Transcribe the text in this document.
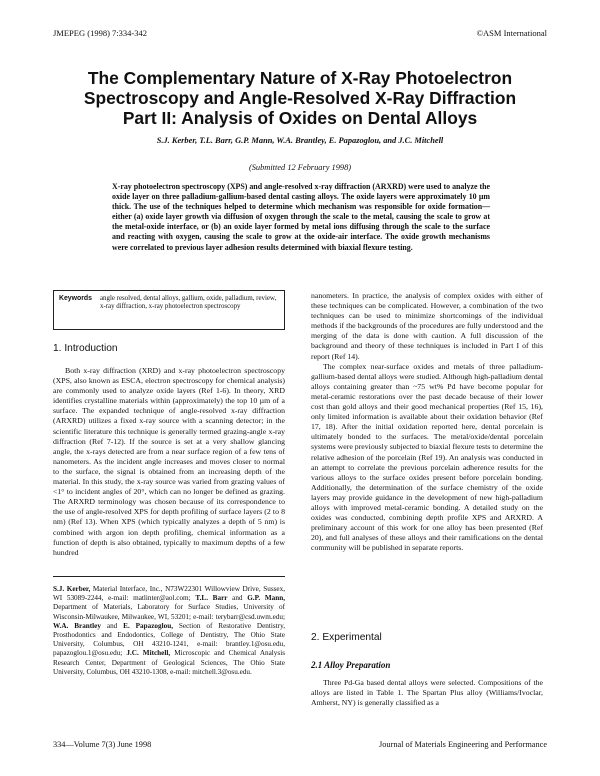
JMEPEG (1998) 7:334-342	©ASM International
The Complementary Nature of X-Ray Photoelectron
Spectroscopy and Angle-Resolved X-Ray Diffraction
Part II: Analysis of Oxides on Dental Alloys
S.J. Kerber, T.L. Barr, G.P. Mann, W.A. Brantley, E. Papazoglou, and J.C. Mitchell
(Submitted 12 February 1998)
X-ray photoelectron spectroscopy (XPS) and angle-resolved x-ray diffraction (ARXRD) were used to analyze the oxide layer on three palladium-gallium-based dental casting alloys. The oxide layers were approximately 10 µm thick. The use of the techniques helped to determine which mechanism was responsible for oxide formation—either (a) oxide layer growth via diffusion of oxygen through the scale to the metal, causing the scale to grow at the metal-oxide interface, or (b) an oxide layer formed by metal ions diffusing through the scale to the surface and reacting with oxygen, causing the scale to grow at the oxide-air interface. The oxide growth mechanisms were correlated to previous layer adhesion results determined with biaxial flexure testing.
Keywords angle resolved, dental alloys, gallium, oxide, palladium, review, x-ray diffraction, x-ray photoelectron spectroscopy
1. Introduction

Both x-ray diffraction (XRD) and x-ray photoelectron spectroscopy (XPS, also known as ESCA, electron spectroscopy for chemical analysis) are commonly used to analyze oxide layers (Ref 1-6). In theory, XRD identifies crystalline materials within (approximately) the top 10 µm of a surface. The expanded technique of angle-resolved x-ray diffraction (ARXRD) utilizes a fixed x-ray source with a scanning detector; in the scientific literature this technique is generally termed grazing-angle x-ray diffraction (Ref 7-12). If the source is set at a very shallow glancing angle, the x-rays detected are from a near surface region of a few tens of nanometers. As the incident angle increases and moves closer to normal to the surface, the signal is obtained from an increasing depth of the material. In this study, the x-ray source was varied from grazing values of <1° to incident angles of 20°, which can no longer be defined as grazing. The ARXRD terminology was chosen because of its correspondence to the use of angle-resolved XPS for depth profiling of surface layers (2 to 8 nm) (Ref 13). When XPS (which typically analyzes a depth of 5 nm) is combined with argon ion depth profiling, chemical information as a function of depth is also obtained, typically to maximum depths of a few hundred

S.J. Kerber, Material Interface, Inc., N73W22301 Willowview Drive, Sussex, WI 53089-2244, e-mail: matlinter@aol.com; T.L. Barr and G.P. Mann, Department of Materials, Laboratory for Surface Studies, University of Wisconsin-Milwaukee, Milwaukee, WI, 53201; e-mail: terybarr@csd.uwm.edu; W.A. Brantley and E. Papazoglou, Section of Restorative Dentistry, Prosthodontics and Endodontics, College of Dentistry, The Ohio State University, Columbus, OH 43210-1241, e-mail: brantley.1@osu.edu, papazoglou.1@osu.edu; J.C. Mitchell, Microscopic and Chemical Analysis Research Center, Department of Geological Sciences, The Ohio State University, Columbus, OH 43210-1308, e-mail: mitchell.3@osu.edu.

nanometers. In practice, the analysis of complex oxides with either of these techniques can be complicated. However, a combination of the two techniques can be used to minimize shortcomings of the individual methods if the backgrounds of the procedures are fully understood and the merging of the data is done with caution. A full discussion of the background and theory of these techniques is included in Part I of this report (Ref 14).

The complex near-surface oxides and metals of three palladium-gallium-based dental alloys were studied. Although high-palladium dental alloys containing greater than ~75 wt% Pd have become popular for metal-ceramic restorations over the past decade because of their lower cost than gold alloys and their good mechanical properties (Ref 15, 16), only limited information is available about their oxidation behavior (Ref 17, 18). After the initial oxidation reported here, dental porcelain is ultimately bonded to the surfaces. The metal/oxide/dental porcelain systems were previously subjected to biaxial flexure tests to determine the relative adhesion of the porcelain (Ref 19). An analysis was conducted in an attempt to correlate the previous porcelain adherence results for the various alloys to the surface oxides present before porcelain bonding. Additionally, the determination of the surface chemistry of the oxide layers may provide guidance in the development of new high-palladium alloys with improved metal-ceramic bonding. A detailed study on the oxides was conducted, combining depth profile XPS and ARXRD. A preliminary account of this work for one alloy has been presented (Ref 20), and full analyses of these alloys and their ramifications on the dental community will be published in separate reports.

2. Experimental
2.1 Alloy Preparation

Three Pd-Ga based dental alloys were selected. Compositions of the alloys are listed in Table 1. The Spartan Plus alloy (Williams/Ivoclar, Amherst, NY) is generally classified as a

334—Volume 7(3) June 1998	Journal of Materials Engineering and Performance
